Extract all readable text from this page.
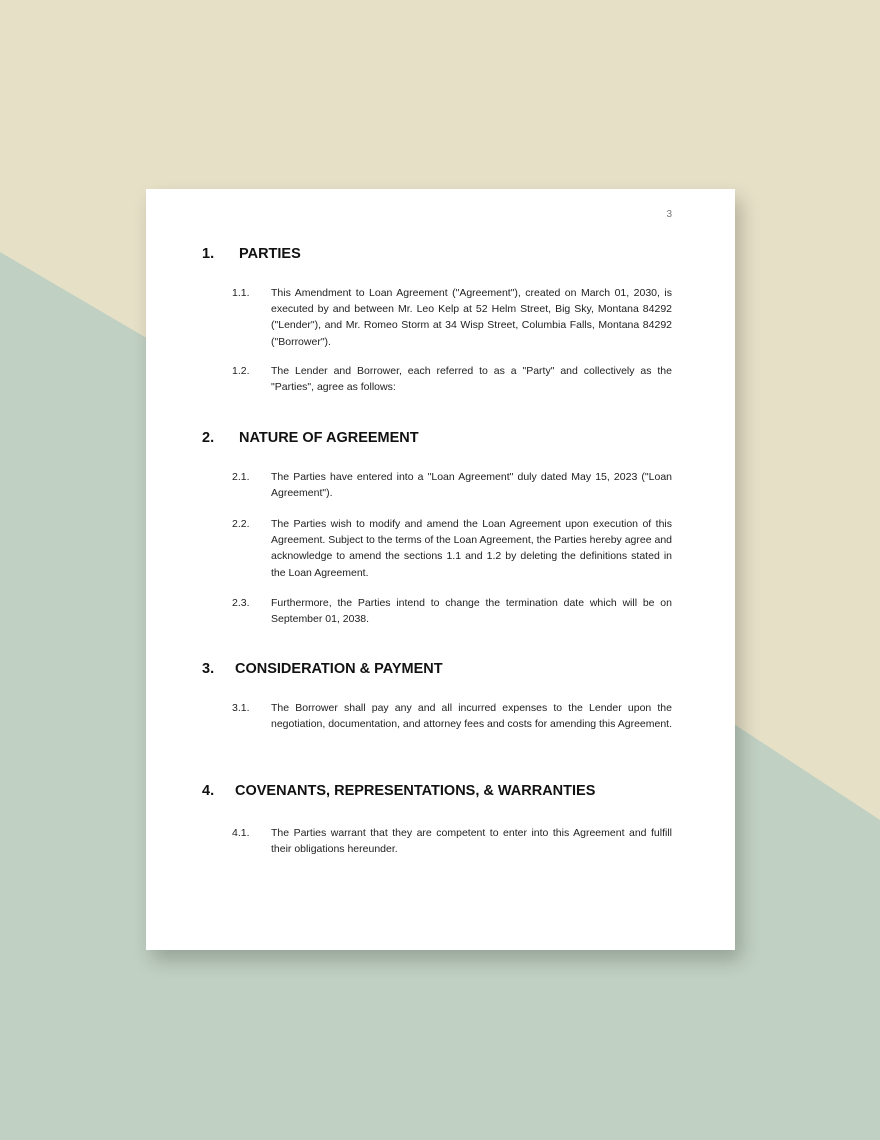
3
1.	PARTIES
1.1.	This Amendment to Loan Agreement ("Agreement"), created on March 01, 2030, is executed by and between Mr. Leo Kelp at 52 Helm Street, Big Sky, Montana 84292 ("Lender"), and Mr. Romeo Storm at 34 Wisp Street, Columbia Falls, Montana 84292 ("Borrower").
1.2.	The Lender and Borrower, each referred to as a "Party" and collectively as the "Parties", agree as follows:
2.	NATURE OF AGREEMENT
2.1.	The Parties have entered into a "Loan Agreement" duly dated May 15, 2023 ("Loan Agreement").
2.2.	The Parties wish to modify and amend the Loan Agreement upon execution of this Agreement. Subject to the terms of the Loan Agreement, the Parties hereby agree and acknowledge to amend the sections 1.1 and 1.2 by deleting the definitions stated in the Loan Agreement.
2.3.	Furthermore, the Parties intend to change the termination date which will be on September 01, 2038.
3.	CONSIDERATION & PAYMENT
3.1.	The Borrower shall pay any and all incurred expenses to the Lender upon the negotiation, documentation, and attorney fees and costs for amending this Agreement.
4.	COVENANTS, REPRESENTATIONS, & WARRANTIES
4.1.	The Parties warrant that they are competent to enter into this Agreement and fulfill their obligations hereunder.
